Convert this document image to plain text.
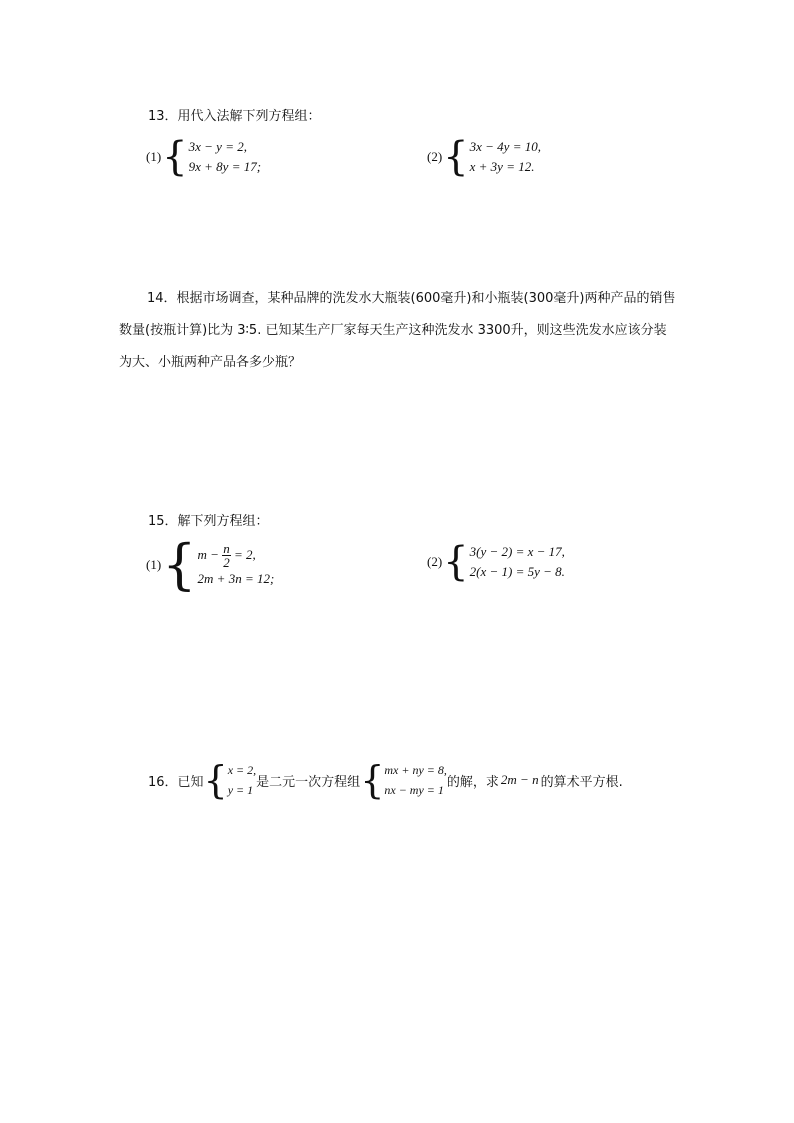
13．用代入法解下列方程组：
(1) { 3x − y = 2,
9x + 8y = 17;
(2) { 3x − 4y = 10,
x + 3y = 12.
14．根据市场调查，某种品牌的洗发水大瓶装(600毫升)和小瓶装(300毫升)两种产品的销售数量(按瓶计算)比为 3∶5. 已知某生产厂家每天生产这种洗发水 3300升，则这些洗发水应该分装为大、小瓶两种产品各多少瓶？
15．解下列方程组：
(1) { $m - \frac{n}{2} = 2$,
2m + 3n = 12;
(2) { 3(y − 2) = x − 17,
2(x − 1) = 5y − 8.
16．已知 { x = 2,
y = 1
是二元一次方程组 { mx + ny = 8,
nx − my = 1
的解，求 2m − n 的算术平方根.
